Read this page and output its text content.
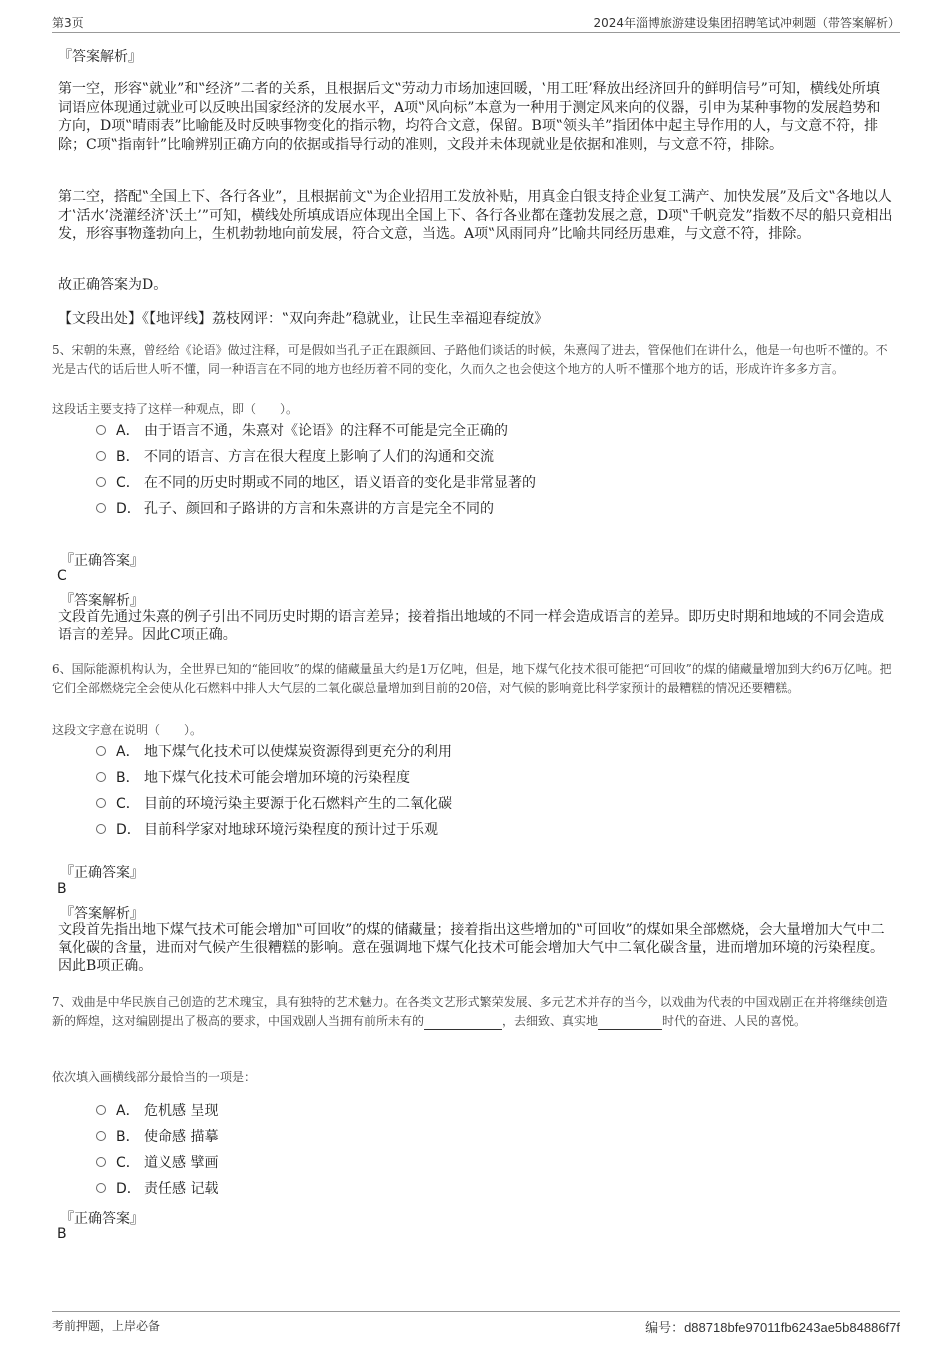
第3页	2024年淄博旅游建设集团招聘笔试冲刺题（带答案解析）
『答案解析』
第一空，形容‟就业”和‟经济”二者的关系，且根据后文‟劳动力市场加速回暖，‛用工旺’释放出经济回升的鲜明信号”可知，横线处所填词语应体现通过就业可以反映出国家经济的发展水平，A项‟风向标”本意为一种用于测定风来向的仪器，引申为某种事物的发展趋势和方向，D项‟晴雨表”比喻能及时反映事物变化的指示物，均符合文意，保留。B项‟领头羊”指团体中起主导作用的人，与文意不符，排除；C项‟指南针”比喻辨别正确方向的依据或指导行动的准则，文段并未体现就业是依据和准则，与文意不符，排除。
第二空，搭配‟全国上下、各行各业”，且根据前文‟为企业招用工发放补贴，用真金白银支持企业复工满产、加快发展”及后文‟各地以人才‛活水’浇灌经济‛沃土’”可知，横线处所填成语应体现出全国上下、各行各业都在蓬勃发展之意，D项‟千帆竞发”指数不尽的船只竟相出发，形容事物蓬勃向上，生机勃勃地向前发展，符合文意，当选。A项‟风雨同舟”比喻共同经历患难，与文意不符，排除。
故正确答案为D。
【文段出处】《【地评线】荔枝网评：‟双向奔赴”稳就业，让民生幸福迎春绽放》
5、宋朝的朱熹，曾经给《论语》做过注释，可是假如当孔子正在跟颜回、子路他们谈话的时候，朱熹闯了进去，管保他们在讲什么，他是一句也听不懂的。不光是古代的话后世人听不懂，同一种语言在不同的地方也经历着不同的变化，久而久之也会使这个地方的人听不懂那个地方的话，形成许许多多方言。
这段话主要支持了这样一种观点，即（　　）。
A． 由于语言不通，朱熹对《论语》的注释不可能是完全正确的
B． 不同的语言、方言在很大程度上影响了人们的沟通和交流
C． 在不同的历史时期或不同的地区，语义语音的变化是非常显著的
D． 孔子、颜回和子路讲的方言和朱熹讲的方言是完全不同的
『正确答案』
C
『答案解析』
文段首先通过朱熹的例子引出不同历史时期的语言差异；接着指出地域的不同一样会造成语言的差异。即历史时期和地域的不同会造成语言的差异。因此C项正确。
6、国际能源机构认为，全世界已知的“能回收”的煤的储藏量虽大约是1万亿吨，但是，地下煤气化技术很可能把“可回收”的煤的储藏量增加到大约6万亿吨。把它们全部燃烧完全会使从化石燃料中排人大气层的二氧化碳总量增加到目前的20倍，对气候的影响竟比科学家预计的最糟糕的情况还要糟糕。
这段文字意在说明（　　）。
A． 地下煤气化技术可以使煤炭资源得到更充分的利用
B． 地下煤气化技术可能会增加环境的污染程度
C． 目前的环境污染主要源于化石燃料产生的二氧化碳
D． 目前科学家对地球环境污染程度的预计过于乐观
『正确答案』
B
『答案解析』
文段首先指出地下煤气技术可能会增加‟可回收”的煤的储藏量；接着指出这些增加的‟可回收”的煤如果全部燃烧，会大量增加大气中二氧化碳的含量，进而对气候产生很糟糕的影响。意在强调地下煤气化技术可能会增加大气中二氧化碳含量，进而增加环境的污染程度。因此B项正确。
7、戏曲是中华民族自己创造的艺术瑰宝，具有独特的艺术魅力。在各类文艺形式繁荣发展、多元艺术并存的当今，以戏曲为代表的中国戏剧正在并将继续创造新的辉煌，这对编剧提出了极高的要求，中国戏剧人当拥有前所未有的	，去细致、真实地	时代的奋进、人民的喜悦。
依次填入画横线部分最恰当的一项是：
A． 危机感 呈现
B． 使命感 描摹
C． 道义感 擘画
D． 责任感 记载
『正确答案』
B
考前押题，上岸必备	编号：d88718bfe97011fb6243ae5b84886f7f
